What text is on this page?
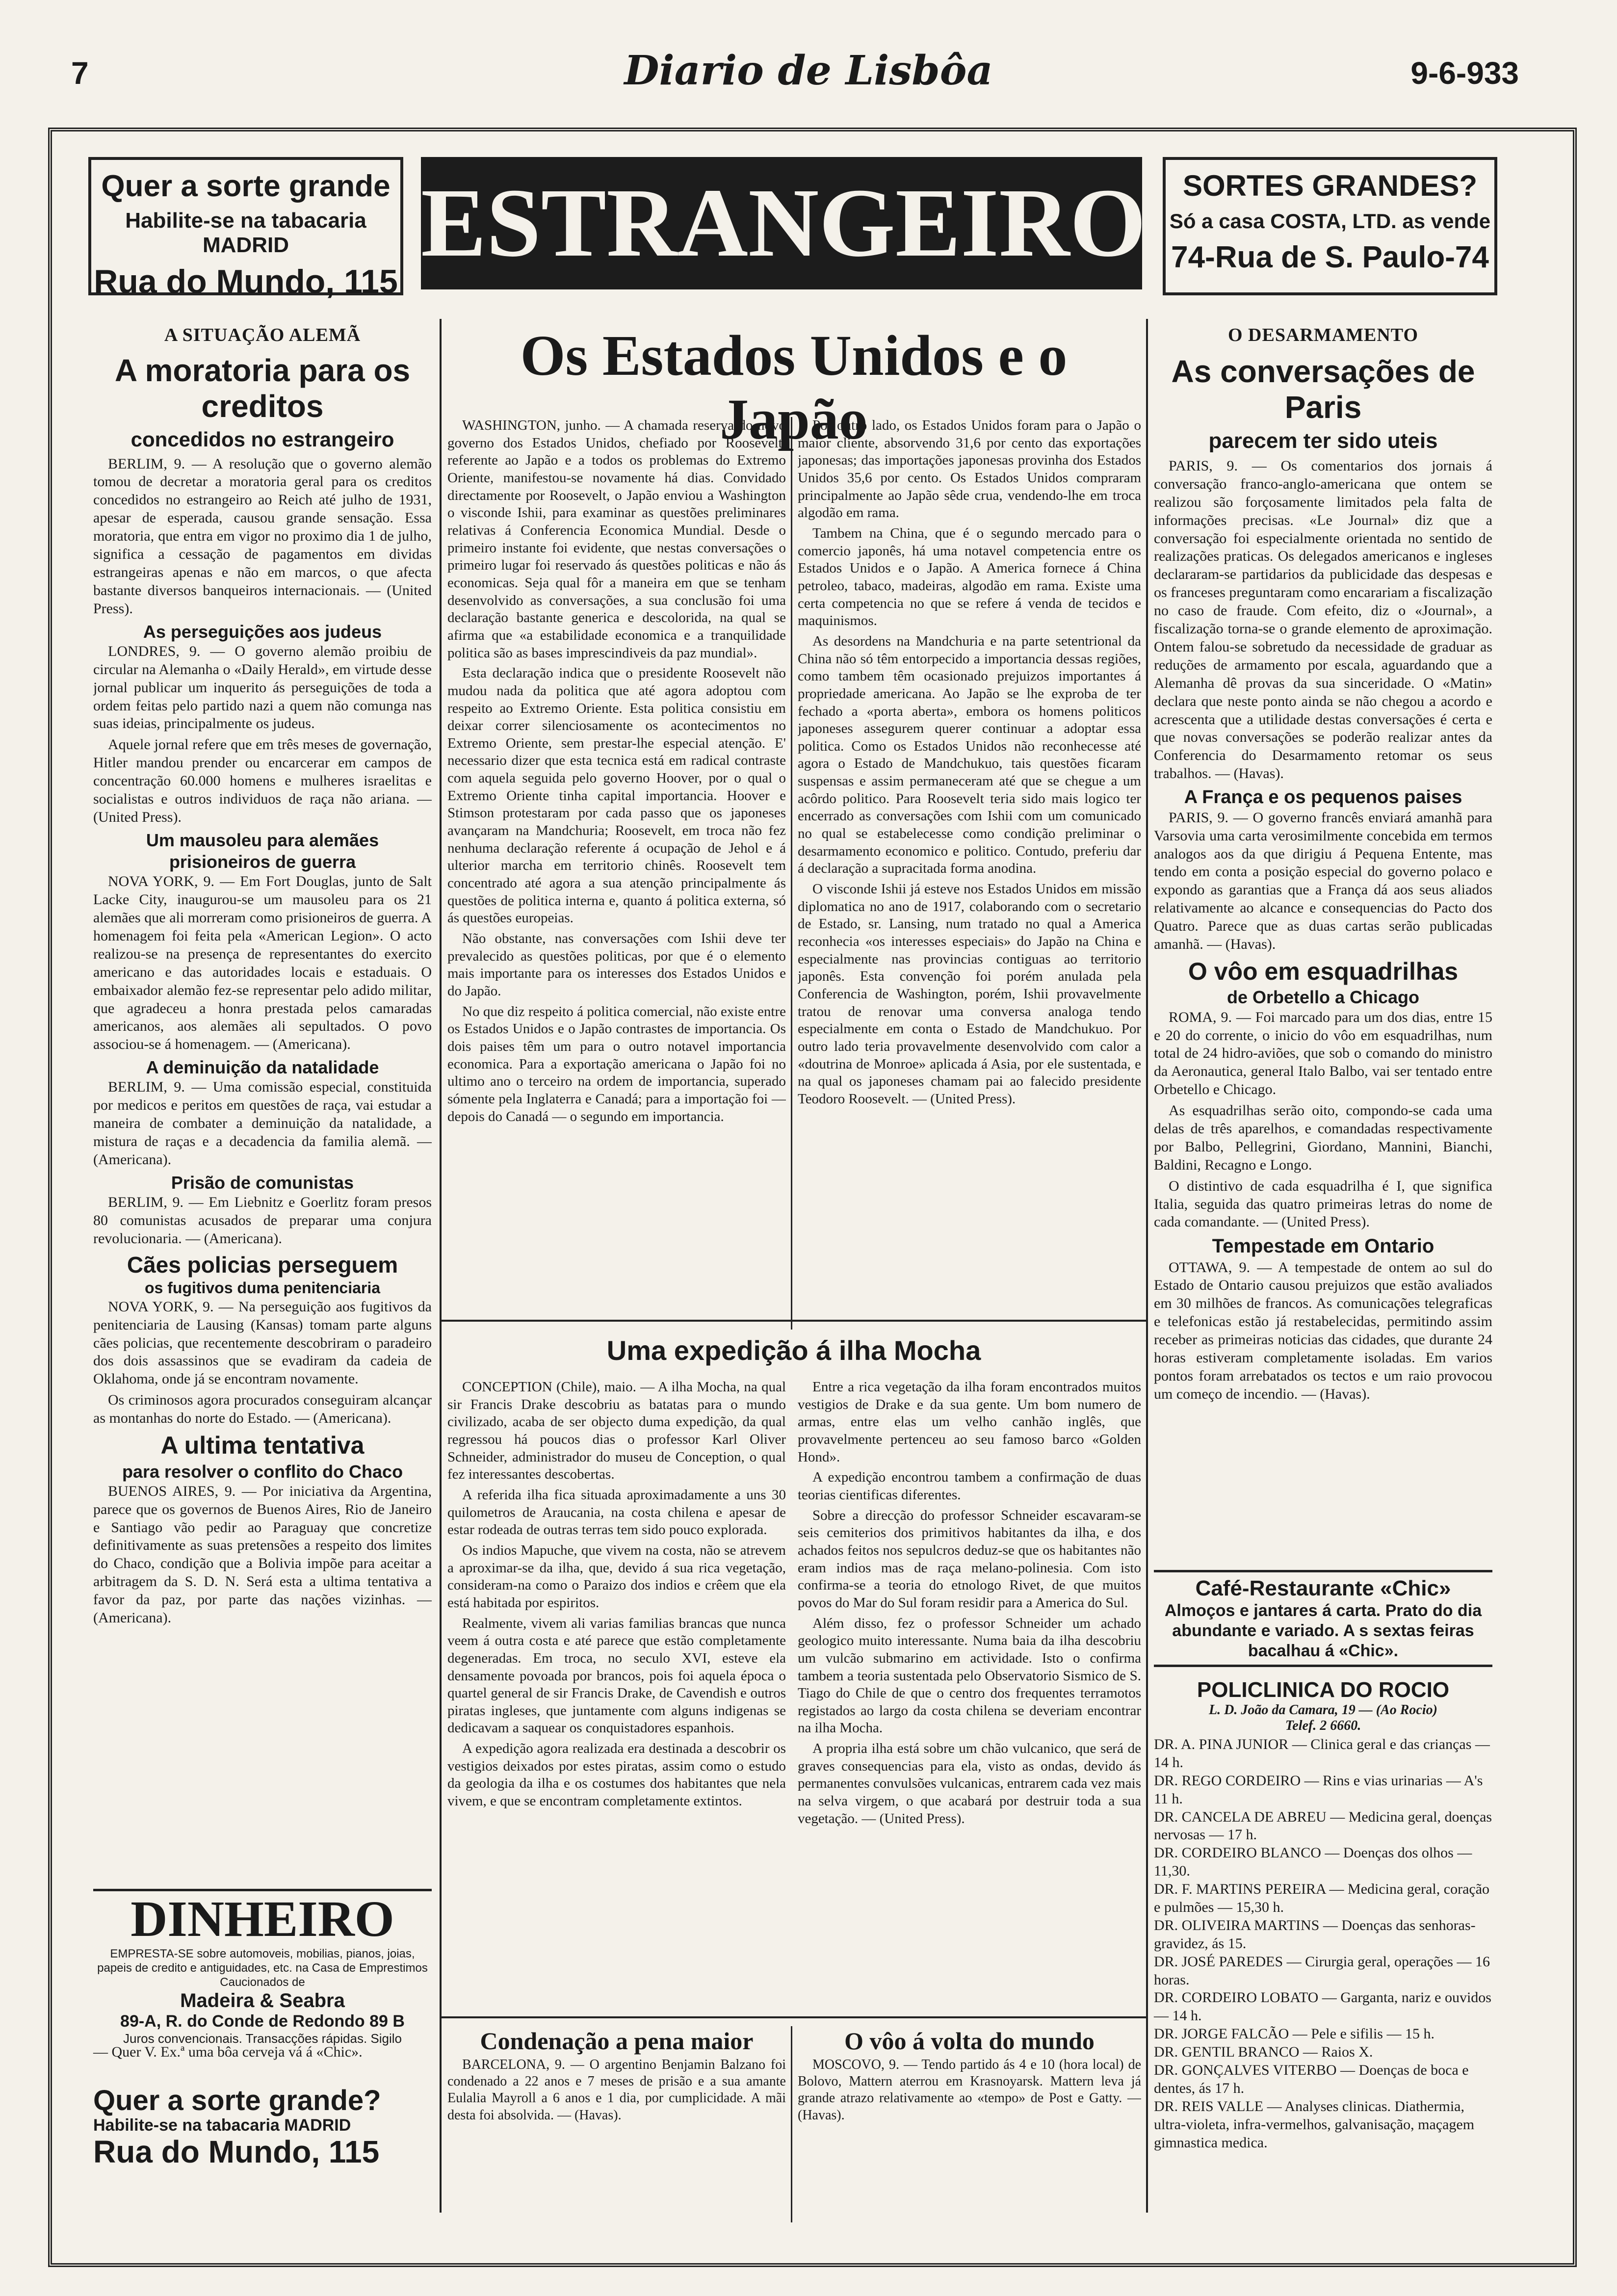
7	Diario de Lisbôa	9-6-933
Quer a sorte grande
Habilite-se na tabacaria MADRID
Rua do Mundo, 115
ESTRANGEIRO	SORTES GRANDES?
Só a casa COSTA, LTD. as vende
74-Rua de S. Paulo-74
A SITUAÇÃO ALEMÃ
A moratoria para os creditos
concedidos no estrangeiro

BERLIM, 9. — A resolução que o governo alemão tomou de decretar a moratoria geral para os creditos concedidos no estrangeiro ao Reich até julho de 1931, apesar de esperada, causou grande sensação. Essa moratoria, que entra em vigor no proximo dia 1 de julho, significa a cessação de pagamentos em dividas estrangeiras apenas e não em marcos, o que afecta bastante diversos banqueiros internacionais. — (United Press).

As perseguições aos judeus

LONDRES, 9. — O governo alemão proibiu de circular na Alemanha o «Daily Herald», em virtude desse jornal publicar um inquerito ás perseguições de toda a ordem feitas pelo partido nazi a quem não comunga nas suas ideias, principalmente os judeus.

Aquele jornal refere que em três meses de governação, Hitler mandou prender ou encarcerar em campos de concentração 60.000 homens e mulheres israelitas e socialistas e outros individuos de raça não ariana. — (United Press).

Um mausoleu para alemães prisioneiros de guerra

NOVA YORK, 9. — Em Fort Douglas, junto de Salt Lacke City, inaugurou-se um mausoleu para os 21 alemães que ali morreram como prisioneiros de guerra. A homenagem foi feita pela «American Legion». O acto realizou-se na presença de representantes do exercito americano e das autoridades locais e estaduais. O embaixador alemão fez-se representar pelo adido militar, que agradeceu a honra prestada pelos camaradas americanos, aos alemães ali sepultados. O povo associou-se á homenagem. — (Americana).

A deminuição da natalidade

BERLIM, 9. — Uma comissão especial, constituida por medicos e peritos em questões de raça, vai estudar a maneira de combater a deminuição da natalidade, a mistura de raças e a decadencia da familia alemã. — (Americana).

Prisão de comunistas

BERLIM, 9. — Em Liebnitz e Goerlitz foram presos 80 comunistas acusados de preparar uma conjura revolucionaria. — (Americana).

Cães policias perseguem
os fugitivos duma penitenciaria

NOVA YORK, 9. — Na perseguição aos fugitivos da penitenciaria de Lausing (Kansas) tomam parte alguns cães policias, que recentemente descobriram o paradeiro dos dois assassinos que se evadiram da cadeia de Oklahoma, onde já se encontram novamente.

Os criminosos agora procurados conseguiram alcançar as montanhas do norte do Estado. — (Americana).

A ultima tentativa
para resolver o conflito do Chaco

BUENOS AIRES, 9. — Por iniciativa da Argentina, parece que os governos de Buenos Aires, Rio de Janeiro e Santiago vão pedir ao Paraguay que concretize definitivamente as suas pretensões a respeito dos limites do Chaco, condição que a Bolivia impõe para aceitar a arbitragem da S. D. N. Será esta a ultima tentativa a favor da paz, por parte das nações vizinhas. — (Americana).

DINHEIRO
EMPRESTA-SE sobre automoveis, mobilias, pianos, joias, papeis de credito e antiguidades, etc. na Casa de Emprestimos Caucionados de
Madeira & Seabra
89-A, R. do Conde de Redondo 89 B
Juros convencionais. Transacções rápidas. Sigilo
— Quer V. Ex.ª uma bôa cerveja vá á «Chic».
Quer a sorte grande?
Habilite-se na tabacaria MADRID
Rua do Mundo, 115
Os Estados Unidos e o Japão

WASHINGTON, junho. — A chamada reserva do novo governo dos Estados Unidos, chefiado por Roosevelt, referente ao Japão e a todos os problemas do Extremo Oriente, manifestou-se novamente há dias. Convidado directamente por Roosevelt, o Japão enviou a Washington o visconde Ishii, para examinar as questões preliminares relativas á Conferencia Economica Mundial. Desde o primeiro instante foi evidente, que nestas conversações o primeiro lugar foi reservado ás questões politicas e não ás economicas. Seja qual fôr a maneira em que se tenham desenvolvido as conversações, a sua conclusão foi uma declaração bastante generica e descolorida, na qual se afirma que «a estabilidade economica e a tranquilidade politica são as bases imprescindiveis da paz mundial».

Esta declaração indica que o presidente Roosevelt não mudou nada da politica que até agora adoptou com respeito ao Extremo Oriente. Esta politica consistiu em deixar correr silenciosamente os acontecimentos no Extremo Oriente, sem prestar-lhe especial atenção. E' necessario dizer que esta tecnica está em radical contraste com aquela seguida pelo governo Hoover, por o qual o Extremo Oriente tinha capital importancia. Hoover e Stimson protestaram por cada passo que os japoneses avançaram na Mandchuria; Roosevelt, em troca não fez nenhuma declaração referente á ocupação de Jehol e á ulterior marcha em territorio chinês. Roosevelt tem concentrado até agora a sua atenção principalmente ás questões de politica interna e, quanto á politica externa, só ás questões europeias.

Não obstante, nas conversações com Ishii deve ter prevalecido as questões politicas, por que é o elemento mais importante para os interesses dos Estados Unidos e do Japão.

No que diz respeito á politica comercial, não existe entre os Estados Unidos e o Japão contrastes de importancia. Os dois paises têm um para o outro notavel importancia economica. Para a exportação americana o Japão foi no ultimo ano o terceiro na ordem de importancia, superado sómente pela Inglaterra e Canadá; para a importação foi — depois do Canadá — o segundo em importancia.

Por outro lado, os Estados Unidos foram para o Japão o maior cliente, absorvendo 31,6 por cento das exportações japonesas; das importações japonesas provinha dos Estados Unidos 35,6 por cento. Os Estados Unidos compraram principalmente ao Japão sêde crua, vendendo-lhe em troca algodão em rama.

Tambem na China, que é o segundo mercado para o comercio japonês, há uma notavel competencia entre os Estados Unidos e o Japão. A America fornece á China petroleo, tabaco, madeiras, algodão em rama. Existe uma certa competencia no que se refere á venda de tecidos e maquinismos.

As desordens na Mandchuria e na parte setentrional da China não só têm entorpecido a importancia dessas regiões, como tambem têm ocasionado prejuizos importantes á propriedade americana. Ao Japão se lhe exproba de ter fechado a «porta aberta», embora os homens politicos japoneses assegurem querer continuar a adoptar essa politica. Como os Estados Unidos não reconhecesse até agora o Estado de Mandchukuo, tais questões ficaram suspensas e assim permaneceram até que se chegue a um acôrdo politico. Para Roosevelt teria sido mais logico ter encerrado as conversações com Ishii com um comunicado no qual se estabelecesse como condição preliminar o desarmamento economico e politico. Contudo, preferiu dar á declaração a supracitada forma anodina.

O visconde Ishii já esteve nos Estados Unidos em missão diplomatica no ano de 1917, colaborando com o secretario de Estado, sr. Lansing, num tratado no qual a America reconhecia «os interesses especiais» do Japão na China e especialmente nas provincias contiguas ao territorio japonês. Esta convenção foi porém anulada pela Conferencia de Washington, porém, Ishii provavelmente tratou de renovar uma conversa analoga tendo especialmente em conta o Estado de Mandchukuo. Por outro lado teria provavelmente desenvolvido com calor a «doutrina de Monroe» aplicada á Asia, por ele sustentada, e na qual os japoneses chamam pai ao falecido presidente Teodoro Roosevelt. — (United Press).

Uma expedição á ilha Mocha

CONCEPTION (Chile), maio. — A ilha Mocha, na qual sir Francis Drake descobriu as batatas para o mundo civilizado, acaba de ser objecto duma expedição, da qual regressou há poucos dias o professor Karl Oliver Schneider, administrador do museu de Conception, o qual fez interessantes descobertas.

A referida ilha fica situada aproximadamente a uns 30 quilometros de Araucania, na costa chilena e apesar de estar rodeada de outras terras tem sido pouco explorada.

Os indios Mapuche, que vivem na costa, não se atrevem a aproximar-se da ilha, que, devido á sua rica vegetação, consideram-na como o Paraizo dos indios e crêem que ela está habitada por espiritos.

Realmente, vivem ali varias familias brancas que nunca veem á outra costa e até parece que estão completamente degeneradas. Em troca, no seculo XVI, esteve ela densamente povoada por brancos, pois foi aquela época o quartel general de sir Francis Drake, de Cavendish e outros piratas ingleses, que juntamente com alguns indigenas se dedicavam a saquear os conquistadores espanhois.

A expedição agora realizada era destinada a descobrir os vestigios deixados por estes piratas, assim como o estudo da geologia da ilha e os costumes dos habitantes que nela vivem, e que se encontram completamente extintos.

Entre a rica vegetação da ilha foram encontrados muitos vestigios de Drake e da sua gente. Um bom numero de armas, entre elas um velho canhão inglês, que provavelmente pertenceu ao seu famoso barco «Golden Hond».

A expedição encontrou tambem a confirmação de duas teorias cientificas diferentes.

Sobre a direcção do professor Schneider escavaram-se seis cemiterios dos primitivos habitantes da ilha, e dos achados feitos nos sepulcros deduz-se que os habitantes não eram indios mas de raça melano-polinesia. Com isto confirma-se a teoria do etnologo Rivet, de que muitos povos do Mar do Sul foram residir para a America do Sul.

Além disso, fez o professor Schneider um achado geologico muito interessante. Numa baia da ilha descobriu um vulcão submarino em actividade. Isto o confirma tambem a teoria sustentada pelo Observatorio Sismico de S. Tiago do Chile de que o centro dos frequentes terramotos registados ao largo da costa chilena se deveriam encontrar na ilha Mocha.

A propria ilha está sobre um chão vulcanico, que será de graves consequencias para ela, visto as ondas, devido ás permanentes convulsões vulcanicas, entrarem cada vez mais na selva virgem, o que acabará por destruir toda a sua vegetação. — (United Press).

Condenação a pena maior

BARCELONA, 9. — O argentino Benjamin Balzano foi condenado a 22 anos e 7 meses de prisão e a sua amante Eulalia Mayroll a 6 anos e 1 dia, por cumplicidade. A mãi desta foi absolvida. — (Havas).

O vôo á volta do mundo

MOSCOVO, 9. — Tendo partido ás 4 e 10 (hora local) de Bolovo, Mattern aterrou em Krasnoyarsk. Mattern leva já grande atrazo relativamente ao «tempo» de Post e Gatty. — (Havas).

O DESARMAMENTO
As conversações de Paris
parecem ter sido uteis

PARIS, 9. — Os comentarios dos jornais á conversação franco-anglo-americana que ontem se realizou são forçosamente limitados pela falta de informações precisas. «Le Journal» diz que a conversação foi especialmente orientada no sentido de realizações praticas. Os delegados americanos e ingleses declararam-se partidarios da publicidade das despesas e os franceses preguntaram como encarariam a fiscalização no caso de fraude. Com efeito, diz o «Journal», a fiscalização torna-se o grande elemento de aproximação. Ontem falou-se sobretudo da necessidade de graduar as reduções de armamento por escala, aguardando que a Alemanha dê provas da sua sinceridade. O «Matin» declara que neste ponto ainda se não chegou a acordo e acrescenta que a utilidade destas conversações é certa e que novas conversações se poderão realizar antes da Conferencia do Desarmamento retomar os seus trabalhos. — (Havas).

A França e os pequenos paises

PARIS, 9. — O governo francês enviará amanhã para Varsovia uma carta verosimilmente concebida em termos analogos aos da que dirigiu á Pequena Entente, mas tendo em conta a posição especial do governo polaco e expondo as garantias que a França dá aos seus aliados relativamente ao alcance e consequencias do Pacto dos Quatro. Parece que as duas cartas serão publicadas amanhã. — (Havas).

O vôo em esquadrilhas
de Orbetello a Chicago

ROMA, 9. — Foi marcado para um dos dias, entre 15 e 20 do corrente, o inicio do vôo em esquadrilhas, num total de 24 hidro-aviões, que sob o comando do ministro da Aeronautica, general Italo Balbo, vai ser tentado entre Orbetello e Chicago.

As esquadrilhas serão oito, compondo-se cada uma delas de três aparelhos, e comandadas respectivamente por Balbo, Pellegrini, Giordano, Mannini, Bianchi, Baldini, Recagno e Longo.

O distintivo de cada esquadrilha é I, que significa Italia, seguida das quatro primeiras letras do nome de cada comandante. — (United Press).

Tempestade em Ontario

OTTAWA, 9. — A tempestade de ontem ao sul do Estado de Ontario causou prejuizos que estão avaliados em 30 milhões de francos. As comunicações telegraficas e telefonicas estão já restabelecidas, permitindo assim receber as primeiras noticias das cidades, que durante 24 horas estiveram completamente isoladas. Em varios pontos foram arrebatados os tectos e um raio provocou um começo de incendio. — (Havas).

Café-Restaurante «Chic»
Almoços e jantares á carta. Prato do dia abundante e variado. A s sextas feiras bacalhau á «Chic».
POLICLINICA DO ROCIO
L. D. João da Camara, 19 — (Ao Rocio)
Telef. 2 6660.
DR. A. PINA JUNIOR — Clinica geral e das crianças — 14 h.
DR. REGO CORDEIRO — Rins e vias urinarias — A's 11 h.
DR. CANCELA DE ABREU — Medicina geral, doenças nervosas — 17 h.
DR. CORDEIRO BLANCO — Doenças dos olhos — 11,30.
DR. F. MARTINS PEREIRA — Medicina geral, coração e pulmões — 15,30 h.
DR. OLIVEIRA MARTINS — Doenças das senhoras-gravidez, ás 15.
DR. JOSÉ PAREDES — Cirurgia geral, operações — 16 horas.
DR. CORDEIRO LOBATO — Garganta, nariz e ouvidos — 14 h.
DR. JORGE FALCÃO — Pele e sifilis — 15 h.
DR. GENTIL BRANCO — Raios X.
DR. GONÇALVES VITERBO — Doenças de boca e dentes, ás 17 h.
DR. REIS VALLE — Analyses clinicas. Diathermia, ultra-violeta, infra-vermelhos, galvanisação, maçagem gimnastica medica.
